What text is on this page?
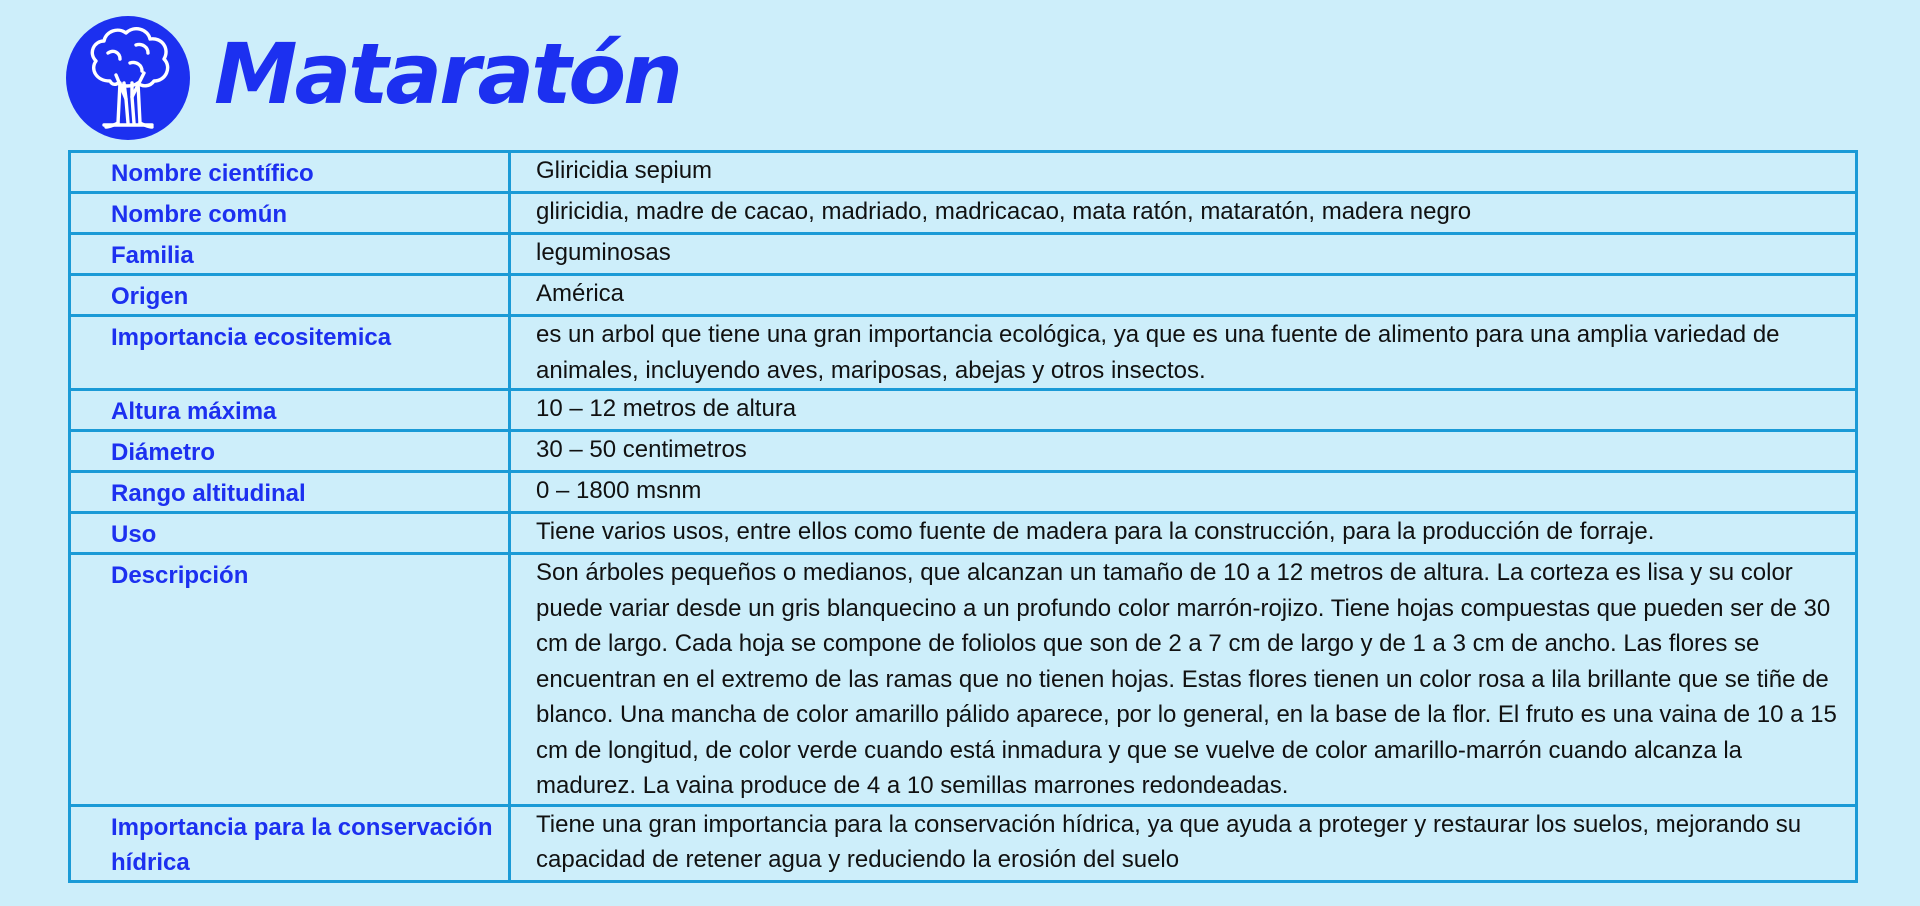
Mataratón
Nombre científico	Gliricidia sepium
Nombre común	gliricidia, madre de cacao, madriado, madricacao, mata ratón, mataratón, madera negro
Familia	leguminosas
Origen	América
Importancia ecositemica	es un arbol que tiene una gran importancia ecológica, ya que es una fuente de alimento para una amplia variedad de animales, incluyendo aves, mariposas, abejas y otros insectos.
Altura máxima	10 – 12 metros de altura
Diámetro	30 – 50 centimetros
Rango altitudinal	0 – 1800 msnm
Uso	Tiene varios usos, entre ellos como fuente de madera para la construcción, para la producción de forraje.
Descripción	Son árboles pequeños o medianos, que alcanzan un tamaño de 10 a 12 metros de altura. La corteza es lisa y su color puede variar desde un gris blanquecino a un profundo color marrón-rojizo. Tiene hojas compuestas que pueden ser de 30 cm de largo. Cada hoja se compone de foliolos que son de 2 a 7 cm de largo y de 1 a 3 cm de ancho. Las flores se encuentran en el extremo de las ramas que no tienen hojas. Estas flores tienen un color rosa a lila brillante que se tiñe de blanco. Una mancha de color amarillo pálido aparece, por lo general, en la base de la flor. El fruto es una vaina de 10 a 15 cm de longitud, de color verde cuando está inmadura y que se vuelve de color amarillo-marrón cuando alcanza la madurez. La vaina produce de 4 a 10 semillas marrones redondeadas.
Importancia para la conservación hídrica	Tiene una gran importancia para la conservación hídrica, ya que ayuda a proteger y restaurar los suelos, mejorando su capacidad de retener agua y reduciendo la erosión del suelo
